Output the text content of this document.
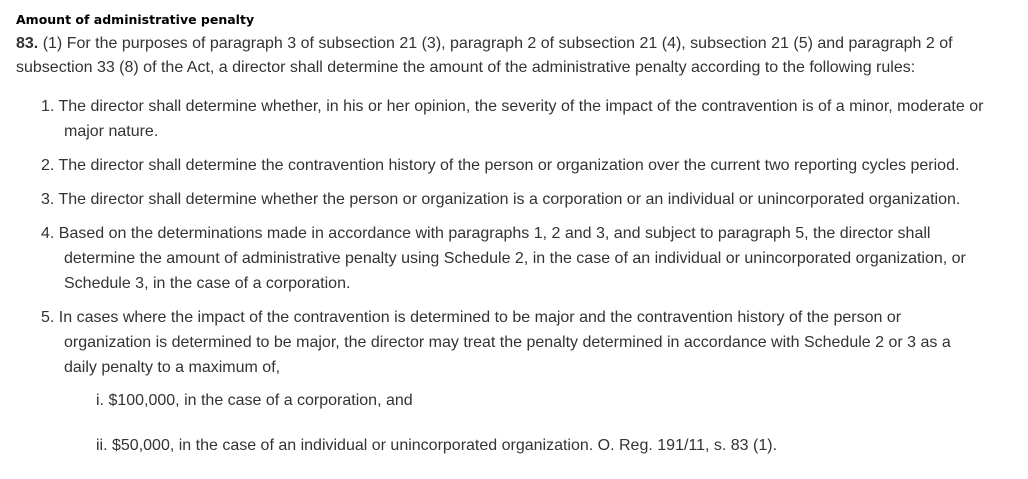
Amount of administrative penalty

83. (1) For the purposes of paragraph 3 of subsection 21 (3), paragraph 2 of subsection 21 (4), subsection 21 (5) and paragraph 2 of subsection 33 (8) of the Act, a director shall determine the amount of the administrative penalty according to the following rules:

1. The director shall determine whether, in his or her opinion, the severity of the impact of the contravention is of a minor, moderate or major nature.
2. The director shall determine the contravention history of the person or organization over the current two reporting cycles period.
3. The director shall determine whether the person or organization is a corporation or an individual or unincorporated organization.
4. Based on the determinations made in accordance with paragraphs 1, 2 and 3, and subject to paragraph 5, the director shall determine the amount of administrative penalty using Schedule 2, in the case of an individual or unincorporated organization, or Schedule 3, in the case of a corporation.
5. In cases where the impact of the contravention is determined to be major and the contravention history of the person or organization is determined to be major, the director may treat the penalty determined in accordance with Schedule 2 or 3 as a daily penalty to a maximum of,
i. $100,000, in the case of a corporation, and
ii. $50,000, in the case of an individual or unincorporated organization. O. Reg. 191/11, s. 83 (1).
